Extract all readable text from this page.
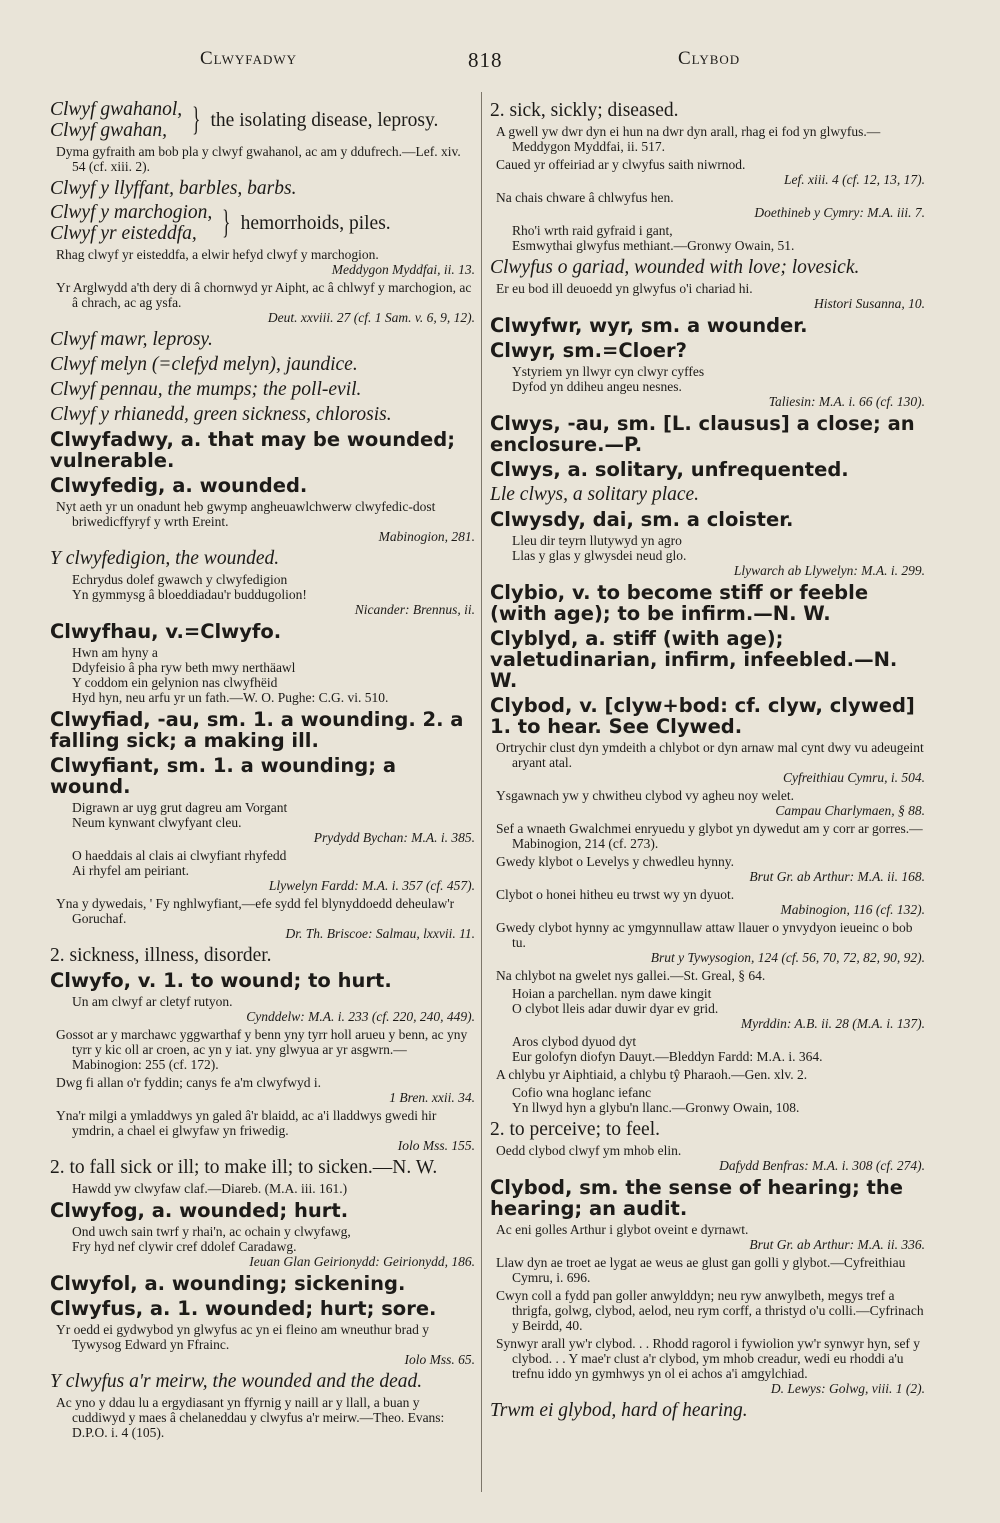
Clwyfadwy	818	Clybod
Clwyf gwahanol,
Clwyf gwahan, } the isolating disease, leprosy.

Dyma gyfraith am bob pla y clwyf gwahanol, ac am y ddufrech.—Lef. xiv. 54 (cf. xiii. 2).

Clwyf y llyffant, barbles, barbs.

Clwyf y marchogion,
Clwyf yr eisteddfa, } hemorrhoids, piles.

Rhag clwyf yr eisteddfa, a elwir hefyd clwyf y marchogion.
Meddygon Myddfai, ii. 13.

Yr Arglwydd a'th dery di â chornwyd yr Aipht, ac â chlwyf y marchogion, ac â chrach, ac ag ysfa.
Deut. xxviii. 27 (cf. 1 Sam. v. 6, 9, 12).

Clwyf mawr, leprosy.

Clwyf melyn (=clefyd melyn), jaundice.

Clwyf pennau, the mumps; the poll-evil.

Clwyf y rhianedd, green sickness, chlorosis.

Clwyfadwy, a. that may be wounded; vulnerable.

Clwyfedig, a. wounded.

Nyt aeth yr un onadunt heb gwymp angheuawlchwerw clwyfedic-dost briwedicffyryf y wrth Ereint.
Mabinogion, 281.

Y clwyfedigion, the wounded.

Echrydus dolef gwawch y clwyfedigion
Yn gymmysg â bloeddiadau'r buddugolion!
Nicander: Brennus, ii.

Clwyfhau, v.=Clwyfo.

Hwn am hyny a
Ddyfeisio â pha ryw beth mwy nerthäawl
Y coddom ein gelynion nas clwyfhëid
Hyd hyn, neu arfu yr un fath.—W. O. Pughe: C.G. vi. 510.

Clwyfiad, -au, sm. 1. a wounding. 2. a falling sick; a making ill.

Clwyfiant, sm. 1. a wounding; a wound.

Digrawn ar uyg grut dagreu am Vorgant
Neum kynwant clwyfyant cleu.
Prydydd Bychan: M.A. i. 385.

O haeddais al clais ai clwyfiant rhyfedd
Ai rhyfel am peiriant.
Llywelyn Fardd: M.A. i. 357 (cf. 457).

Yna y dywedais, ' Fy nghlwyfiant,—efe sydd fel blynyddoedd deheulaw'r Goruchaf.
Dr. Th. Briscoe: Salmau, lxxvii. 11.

2. sickness, illness, disorder.

Clwyfo, v. 1. to wound; to hurt.

Un am clwyf ar cletyf rutyon.
Cynddelw: M.A. i. 233 (cf. 220, 240, 449).

Gossot ar y marchawc yggwarthaf y benn yny tyrr holl arueu y benn, ac yny tyrr y kic oll ar croen, ac yn y iat. yny glwyua ar yr asgwrn.—Mabinogion: 255 (cf. 172).

Dwg fi allan o'r fyddin; canys fe a'm clwyfwyd i.
1 Bren. xxii. 34.

Yna'r milgi a ymladdwys yn galed â'r blaidd, ac a'i lladdwys gwedi hir ymdrin, a chael ei glwyfaw yn friwedig.
Iolo Mss. 155.

2. to fall sick or ill; to make ill; to sicken.—N. W.

Hawdd yw clwyfaw claf.—Diareb. (M.A. iii. 161.)

Clwyfog, a. wounded; hurt.

Ond uwch sain twrf y rhai'n, ac ochain y clwyfawg,
Fry hyd nef clywir cref ddolef Caradawg.
Ieuan Glan Geirionydd: Geirionydd, 186.

Clwyfol, a. wounding; sickening.

Clwyfus, a. 1. wounded; hurt; sore.

Yr oedd ei gydwybod yn glwyfus ac yn ei fleino am wneuthur brad y Tywysog Edward yn Ffrainc.
Iolo Mss. 65.

Y clwyfus a'r meirw, the wounded and the dead.

Ac yno y ddau lu a ergydiasant yn ffyrnig y naill ar y llall, a buan y cuddiwyd y maes â chelaneddau y clwyfus a'r meirw.—Theo. Evans: D.P.O. i. 4 (105).

2. sick, sickly; diseased.

A gwell yw dwr dyn ei hun na dwr dyn arall, rhag ei fod yn glwyfus.—Meddygon Myddfai, ii. 517.

Caued yr offeiriad ar y clwyfus saith niwrnod.
Lef. xiii. 4 (cf. 12, 13, 17).

Na chais chware â chlwyfus hen.
Doethineb y Cymry: M.A. iii. 7.

Rho'i wrth raid gyfraid i gant,
Esmwythai glwyfus methiant.—Gronwy Owain, 51.

Clwyfus o gariad, wounded with love; lovesick.

Er eu bod ill deuoedd yn glwyfus o'i chariad hi.
Histori Susanna, 10.

Clwyfwr, wyr, sm. a wounder.

Clwyr, sm.=Cloer?

Ystyriem yn llwyr cyn clwyr cyffes
Dyfod yn ddiheu angeu nesnes.
Taliesin: M.A. i. 66 (cf. 130).

Clwys, -au, sm. [L. clausus] a close; an enclosure.—P.

Clwys, a. solitary, unfrequented.

Lle clwys, a solitary place.

Clwysdy, dai, sm. a cloister.

Lleu dir teyrn llutywyd yn agro
Llas y glas y glwysdei neud glo.
Llywarch ab Llywelyn: M.A. i. 299.

Clybio, v. to become stiff or feeble (with age); to be infirm.—N. W.

Clyblyd, a. stiff (with age); valetudinarian, infirm, infeebled.—N. W.

Clybod, v. [clyw+bod: cf. clyw, clywed] 1. to hear. See Clywed.

Ortrychir clust dyn ymdeith a chlybot or dyn arnaw mal cynt dwy vu adeugeint aryant atal.
Cyfreithiau Cymru, i. 504.

Ysgawnach yw y chwitheu clybod vy agheu noy welet.
Campau Charlymaen, § 88.

Sef a wnaeth Gwalchmei enryuedu y glybot yn dywedut am y corr ar gorres.—Mabinogion, 214 (cf. 273).

Gwedy klybot o Levelys y chwedleu hynny.
Brut Gr. ab Arthur: M.A. ii. 168.

Clybot o honei hitheu eu trwst wy yn dyuot.
Mabinogion, 116 (cf. 132).

Gwedy clybot hynny ac ymgynnullaw attaw llauer o ynvydyon ieueinc o bob tu.
Brut y Tywysogion, 124 (cf. 56, 70, 72, 82, 90, 92).

Na chlybot na gwelet nys gallei.—St. Greal, § 64.

Hoian a parchellan. nym dawe kingit
O clybot lleis adar duwir dyar ev grid.
Myrddin: A.B. ii. 28 (M.A. i. 137).

Aros clybod dyuod dyt
Eur golofyn diofyn Dauyt.—Bleddyn Fardd: M.A. i. 364.

A chlybu yr Aiphtiaid, a chlybu tŷ Pharaoh.—Gen. xlv. 2.

Cofio wna hoglanc iefanc
Yn llwyd hyn a glybu'n llanc.—Gronwy Owain, 108.

2. to perceive; to feel.

Oedd clybod clwyf ym mhob elin.
Dafydd Benfras: M.A. i. 308 (cf. 274).

Clybod, sm. the sense of hearing; the hearing; an audit.

Ac eni golles Arthur i glybot oveint e dyrnawt.
Brut Gr. ab Arthur: M.A. ii. 336.

Llaw dyn ae troet ae lygat ae weus ae glust gan golli y glybot.—Cyfreithiau Cymru, i. 696.

Cwyn coll a fydd pan goller anwylddyn; neu ryw anwylbeth, megys tref a thrigfa, golwg, clybod, aelod, neu rym corff, a thristyd o'u colli.—Cyfrinach y Beirdd, 40.

Synwyr arall yw'r clybod. . . Rhodd ragorol i fywiolion yw'r synwyr hyn, sef y clybod. . . Y mae'r clust a'r clybod, ym mhob creadur, wedi eu rhoddi a'u trefnu iddo yn gymhwys yn ol ei achos a'i amgylchiad.
D. Lewys: Golwg, viii. 1 (2).

Trwm ei glybod, hard of hearing.
